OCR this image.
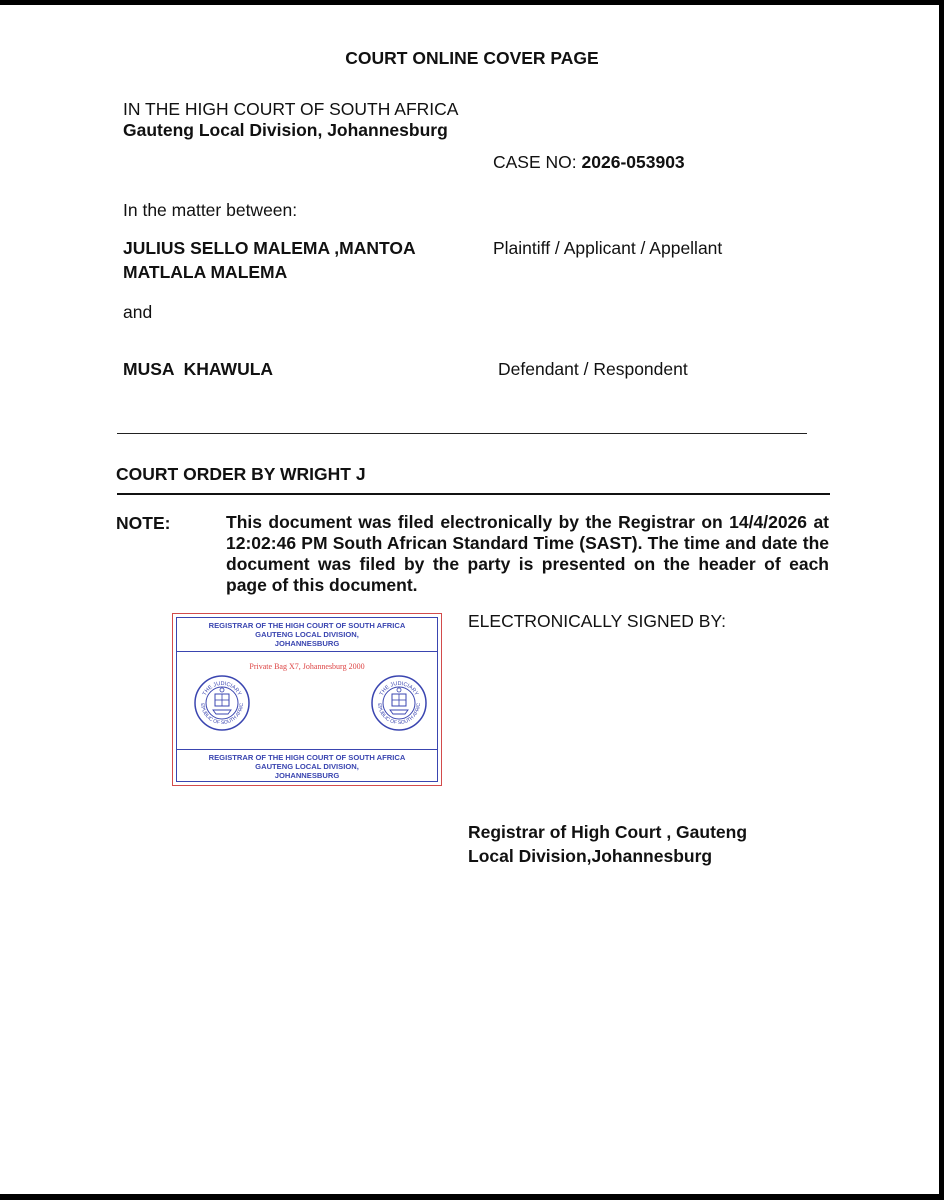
COURT ONLINE COVER PAGE
IN THE HIGH COURT OF SOUTH AFRICA
Gauteng Local Division, Johannesburg
CASE NO: 2026-053903
In the matter between:
JULIUS SELLO MALEMA ,MANTOA
MATLALA MALEMA
Plaintiff / Applicant / Appellant
and
MUSA  KHAWULA	Defendant / Respondent
COURT ORDER BY WRIGHT J
NOTE:	This document was filed electronically by the Registrar on 14/4/2026 at 12:02:46 PM South African Standard Time (SAST). The time and date the document was filed by the party is presented on the header of each page of this document.
REGISTRAR OF THE HIGH COURT OF SOUTH AFRICA
GAUTENG LOCAL DIVISION,
JOHANNESBURG
Private Bag X7, Johannesburg 2000
THE JUDICIARY
EPUBLIC OF SOUTH AFRIC
THE JUDICIARY
EPUBLIC OF SOUTH AFRIC
REGISTRAR OF THE HIGH COURT OF SOUTH AFRICA
GAUTENG LOCAL DIVISION,
JOHANNESBURG
ELECTRONICALLY SIGNED BY:
Registrar of High Court , Gauteng
Local Division,Johannesburg
